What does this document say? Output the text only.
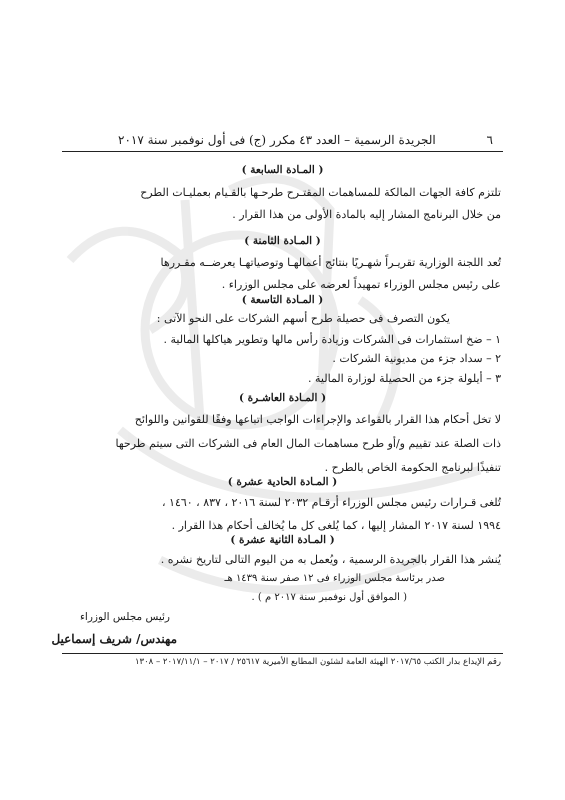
٦
الجريدة الرسمية – العدد ٤٣ مكرر (ج) فى أول نوفمبر سنة ٢٠١٧
( المـادة السابعة )
تلتزم كافة الجهات المالكة للمساهمات المقتـرح طرحـها بالقـيام بعمليـات الطرح
من خلال البرنامج المشار إليه بالمادة الأولى من هذا القرار .
( المـادة الثامنة )
تُعد اللجنة الوزارية تقريـراً شهـريًا بنتائج أعمالهـا وتوصياتهـا يعرضــه مقـررها
على رئيس مجلس الوزراء تمهيداً لعرضه على مجلس الوزراء .
( المـادة التاسعة )
يكون التصرف فى حصيلة طرح أسهم الشركات على النحو الآتى :
١ – ضخ استثمارات فى الشركات وزيادة رأس مالها وتطوير هياكلها المالية .
٢ – سداد جزء من مديونية الشركات .
٣ – أيلولة جزء من الحصيلة لوزارة المالية .
( المـادة العاشـرة )
لا تخل أحكام هذا القرار بالقواعد والإجراءات الواجب اتباعها وفقًا للقوانين واللوائح
ذات الصلة عند تقييم و/أو طرح مساهمات المال العام فى الشركات التى سيتم طرحها
تنفيذًا لبرنامج الحكومة الخاص بالطرح .
( المـادة الحادية عشرة )
تُلغى قـرارات رئيس مجلس الوزراء أرقـام ٢٠٣٢ لسنة ٢٠١٦ ، ٨٣٧ ، ١٤٦٠ ،
١٩٩٤ لسنة ٢٠١٧ المشار إليها ، كما يُلغى كل ما يُخالف أحكام هذا القرار .
( المـادة الثانية عشرة )
يُنشر هذا القرار بالجريدة الرسمية ، ويُعمل به من اليوم التالى لتاريخ نشره .
صدر برئاسة مجلس الوزراء فى ١٢ صفر سنة ١٤٣٩ هـ
( الموافق أول نوفمبر سنة ٢٠١٧ م ) .
رئيس مجلس الوزراء
مهندس/ شريف إسماعيل
رقم الإيداع بدار الكتب ٢٠١٧/٦٥ الهيئة العامة لشئون المطابع الأميرية ٢٥٦١٧ / ٢٠١٧ – ٢٠١٧/١١/١ – ١٣٠٨
